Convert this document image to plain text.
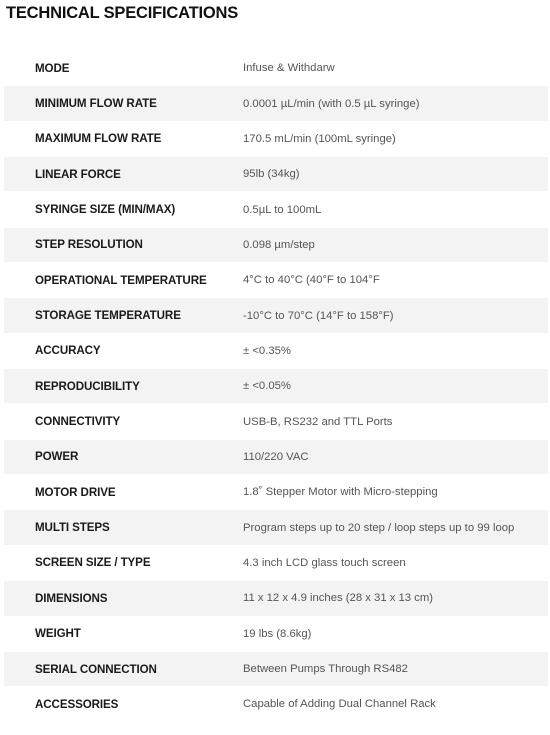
TECHNICAL SPECIFICATIONS
MODE	Infuse & Withdarw
MINIMUM FLOW RATE	0.0001 µL/min (with 0.5 µL syringe)
MAXIMUM FLOW RATE	170.5 mL/min (100mL syringe)
LINEAR FORCE	95lb (34kg)
SYRINGE SIZE (MIN/MAX)	0.5µL to 100mL
STEP RESOLUTION	0.098 µm/step
OPERATIONAL TEMPERATURE	4°C to 40°C (40°F to 104°F
STORAGE TEMPERATURE	-10°C to 70°C (14°F to 158°F)
ACCURACY	± <0.35%
REPRODUCIBILITY	± <0.05%
CONNECTIVITY	USB-B, RS232 and TTL Ports
POWER	110/220 VAC
MOTOR DRIVE	1.8˚ Stepper Motor with Micro-stepping
MULTI STEPS	Program steps up to 20 step / loop steps up to 99 loop
SCREEN SIZE / TYPE	4.3 inch LCD glass touch screen
DIMENSIONS	11 x 12 x 4.9 inches (28 x 31 x 13 cm)
WEIGHT	19 lbs (8.6kg)
SERIAL CONNECTION	Between Pumps Through RS482
ACCESSORIES	Capable of Adding Dual Channel Rack
